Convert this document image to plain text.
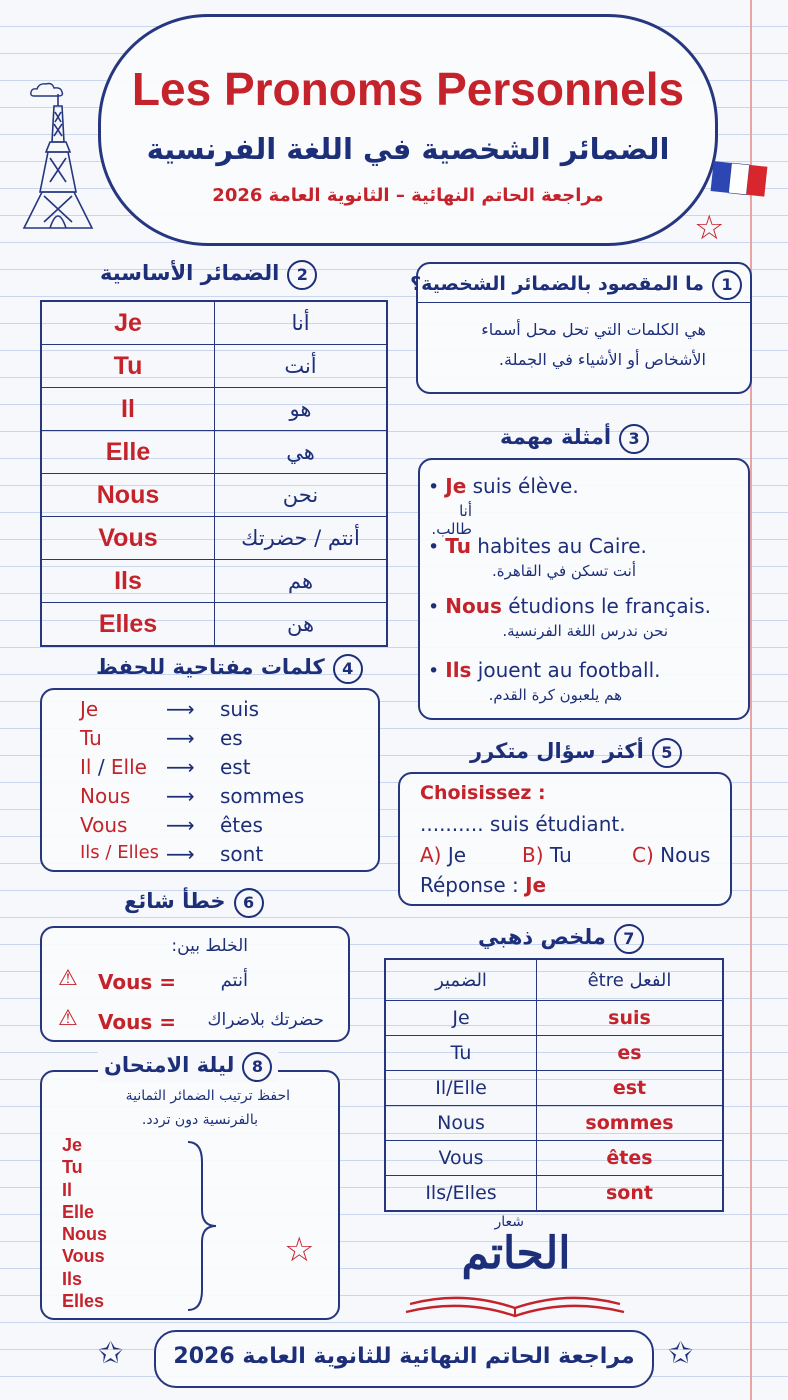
Les Pronoms Personnels
الضمائر الشخصية في اللغة الفرنسية
مراجعة الحاتم النهائية – الثانوية العامة 2026
☆
2الضمائر الأساسية
Je	أنا
Tu	أنت
Il	هو
Elle	هي
Nous	نحن
Vous	أنتم / حضرتك
Ils	هم
Elles	هن
1ما المقصود بالضمائر الشخصية؟
هي الكلمات التي تحل محل أسماء
الأشخاص أو الأشياء في الجملة.
3أمثلة مهمة
• Je suis élève.
أنا طالب.
• Tu habites au Caire.
أنت تسكن في القاهرة.
• Nous étudions le français.
نحن ندرس اللغة الفرنسية.
• Ils jouent au football.
هم يلعبون كرة القدم.
4كلمات مفتاحية للحفظ
Je	⟶ suis
Tu	⟶ es
Il / Elle ⟶ est
Nous ⟶ sommes
Vous ⟶ êtes
Ils / Elles ⟶ sont
5أكثر سؤال متكرر
Choisissez :
.......... suis étudiant.
A) Je	B) Tu	C) Nous
Réponse : Je
6خطأ شائع
الخلط بين:
⚠ Vous =	أنتم
⚠ Vous =	حضرتك بلاضراك
7ملخص ذهبي
الضمير	الفعل être
Je	suis
Tu	es
Il/Elle	est
Nous	sommes
Vous	êtes
Ils/Elles	sont
8ليلة الامتحان
احفظ ترتيب الضمائر الثمانية
بالفرنسية دون تردد.
Je
Tu
Il
Elle
Nous
Vous
Ils
Elles
☆
شعار
الحاتم
✩	✩
مراجعة الحاتم النهائية للثانوية العامة 2026
